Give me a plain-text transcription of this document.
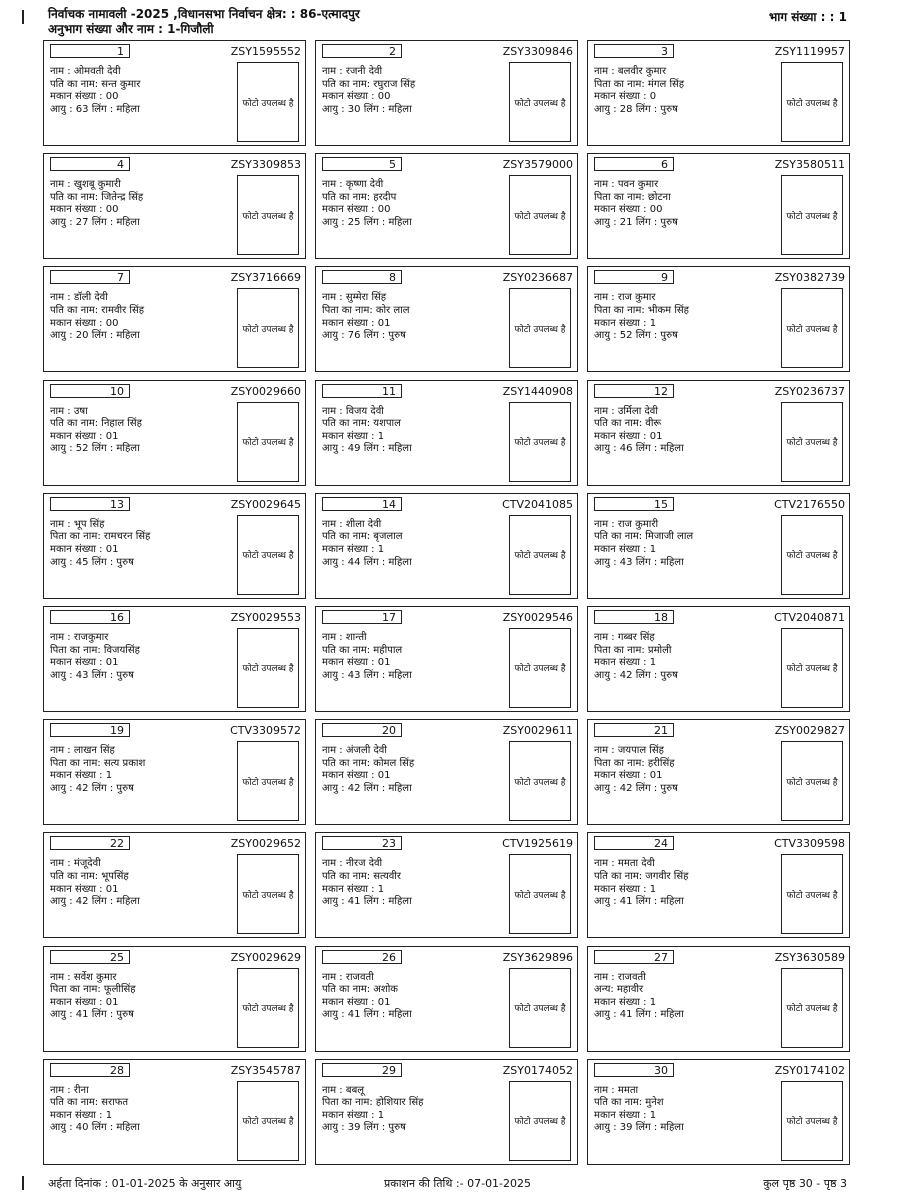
निर्वाचक नामावली -2025 ,विधानसभा निर्वाचन क्षेत्र: : 86-एत्मादपुर
अनुभाग संख्या और नाम : 1-गिजौली
भाग संख्या : : 1
1	ZSY1595552
नाम : ओमवती देवी
पति का नाम: सन्त कुमार
मकान संख्या : 00
आयु : 63 लिंग : महिला
फोटो उपलब्ध है
2	ZSY3309846
नाम : रजनी देवी
पति का नाम: रघुराज सिंह
मकान संख्या : 00
आयु : 30 लिंग : महिला
फोटो उपलब्ध है
3	ZSY1119957
नाम : बलवीर कुमार
पिता का नाम: मंगल सिंह
मकान संख्या : 0
आयु : 28 लिंग : पुरुष
फोटो उपलब्ध है
4	ZSY3309853
नाम : खुशबू कुमारी
पति का नाम: जितेन्द्र सिंह
मकान संख्या : 00
आयु : 27 लिंग : महिला
फोटो उपलब्ध है
5	ZSY3579000
नाम : कृष्णा देवी
पति का नाम: हरदीप
मकान संख्या : 00
आयु : 25 लिंग : महिला
फोटो उपलब्ध है
6	ZSY3580511
नाम : पवन कुमार
पिता का नाम: छोटना
मकान संख्या : 00
आयु : 21 लिंग : पुरुष
फोटो उपलब्ध है
7	ZSY3716669
नाम : डॉली देवी
पति का नाम: रामवीर सिंह
मकान संख्या : 00
आयु : 20 लिंग : महिला
फोटो उपलब्ध है
8	ZSY0236687
नाम : सुम्मेरा सिंह
पिता का नाम: कोर लाल
मकान संख्या : 01
आयु : 76 लिंग : पुरुष
फोटो उपलब्ध है
9	ZSY0382739
नाम : राज कुमार
पिता का नाम: भीकम सिंह
मकान संख्या : 1
आयु : 52 लिंग : पुरुष
फोटो उपलब्ध है
10	ZSY0029660
नाम : उषा
पति का नाम: निहाल सिंह
मकान संख्या : 01
आयु : 52 लिंग : महिला
फोटो उपलब्ध है
11	ZSY1440908
नाम : विजय देवी
पति का नाम: यशपाल
मकान संख्या : 1
आयु : 49 लिंग : महिला
फोटो उपलब्ध है
12	ZSY0236737
नाम : उर्मिला देवी
पति का नाम: वीरू
मकान संख्या : 01
आयु : 46 लिंग : महिला
फोटो उपलब्ध है
13	ZSY0029645
नाम : भूप सिंह
पिता का नाम: रामचरन सिंह
मकान संख्या : 01
आयु : 45 लिंग : पुरुष
फोटो उपलब्ध है
14	CTV2041085
नाम : शीला देवी
पति का नाम: बृजलाल
मकान संख्या : 1
आयु : 44 लिंग : महिला
फोटो उपलब्ध है
15	CTV2176550
नाम : राज कुमारी
पति का नाम: मिजाजी लाल
मकान संख्या : 1
आयु : 43 लिंग : महिला
फोटो उपलब्ध है
16	ZSY0029553
नाम : राजकुमार
पिता का नाम: विजयसिंह
मकान संख्या : 01
आयु : 43 लिंग : पुरुष
फोटो उपलब्ध है
17	ZSY0029546
नाम : शान्ती
पति का नाम: महीपाल
मकान संख्या : 01
आयु : 43 लिंग : महिला
फोटो उपलब्ध है
18	CTV2040871
नाम : गब्बर सिंह
पिता का नाम: प्रमोली
मकान संख्या : 1
आयु : 42 लिंग : पुरुष
फोटो उपलब्ध है
19	CTV3309572
नाम : लाखन सिंह
पिता का नाम: सत्य प्रकाश
मकान संख्या : 1
आयु : 42 लिंग : पुरुष
फोटो उपलब्ध है
20	ZSY0029611
नाम : अंजली देवी
पति का नाम: कोमल सिंह
मकान संख्या : 01
आयु : 42 लिंग : महिला
फोटो उपलब्ध है
21	ZSY0029827
नाम : जयपाल सिंह
पिता का नाम: हरीसिंह
मकान संख्या : 01
आयु : 42 लिंग : पुरुष
फोटो उपलब्ध है
22	ZSY0029652
नाम : मंजूदेवी
पति का नाम: भूपसिंह
मकान संख्या : 01
आयु : 42 लिंग : महिला
फोटो उपलब्ध है
23	CTV1925619
नाम : नीरज देवी
पति का नाम: सत्यवीर
मकान संख्या : 1
आयु : 41 लिंग : महिला
फोटो उपलब्ध है
24	CTV3309598
नाम : ममता देवी
पति का नाम: जगवीर सिंह
मकान संख्या : 1
आयु : 41 लिंग : महिला
फोटो उपलब्ध है
25	ZSY0029629
नाम : सर्वेश कुमार
पिता का नाम: फूलीसिंह
मकान संख्या : 01
आयु : 41 लिंग : पुरुष
फोटो उपलब्ध है
26	ZSY3629896
नाम : राजवती
पति का नाम: अशोक
मकान संख्या : 01
आयु : 41 लिंग : महिला
फोटो उपलब्ध है
27	ZSY3630589
नाम : राजवती
अन्य: महावीर
मकान संख्या : 1
आयु : 41 लिंग : महिला
फोटो उपलब्ध है
28	ZSY3545787
नाम : रीना
पति का नाम: सराफत
मकान संख्या : 1
आयु : 40 लिंग : महिला
फोटो उपलब्ध है
29	ZSY0174052
नाम : बबलू
पिता का नाम: होशियार सिंह
मकान संख्या : 1
आयु : 39 लिंग : पुरुष
फोटो उपलब्ध है
30	ZSY0174102
नाम : ममता
पति का नाम: मुनेश
मकान संख्या : 1
आयु : 39 लिंग : महिला
फोटो उपलब्ध है
अर्हता दिनांक : 01-01-2025 के अनुसार आयु	प्रकाशन की तिथि :- 07-01-2025	कुल पृष्ठ 30 - पृष्ठ 3
